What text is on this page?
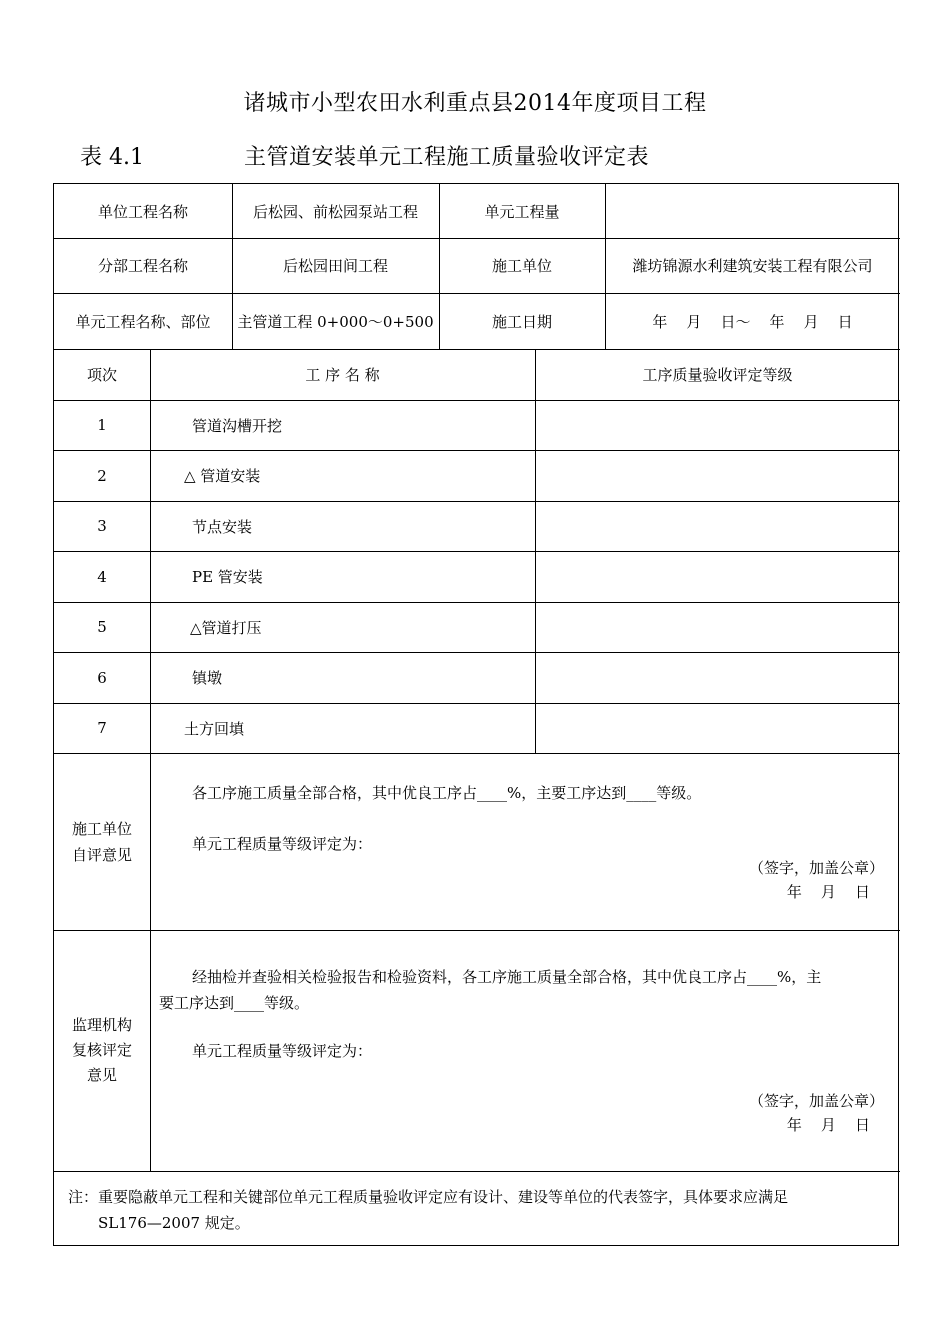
诸城市小型农田水利重点县2014年度项目工程
表 4.1	主管道安装单元工程施工质量验收评定表
单位工程名称	后松园、前松园泵站工程	单元工程量
分部工程名称	后松园田间工程	施工单位	潍坊锦源水利建筑安装工程有限公司
单元工程名称、部位	主管道工程 0+000～0+500	施工日期	年    月    日～    年    月    日
项次	工 序 名 称	工序质量验收评定等级
1	管道沟槽开挖
2	△ 管道安装
3	节点安装
4	PE 管安装
5	△管道打压
6	镇墩
7	土方回填
施工单位
自评意见
各工序施工质量全部合格，其中优良工序占____%，主要工序达到____等级。
单元工程质量等级评定为：
（签字，加盖公章）
年    月    日
监理机构
复核评定
意见
经抽检并查验相关检验报告和检验资料，各工序施工质量全部合格，其中优良工序占____%，主
要工序达到____等级。
单元工程质量等级评定为：
（签字，加盖公章）
年    月    日
注：重要隐蔽单元工程和关键部位单元工程质量验收评定应有设计、建设等单位的代表签字，具体要求应满足
SL176—2007 规定。
